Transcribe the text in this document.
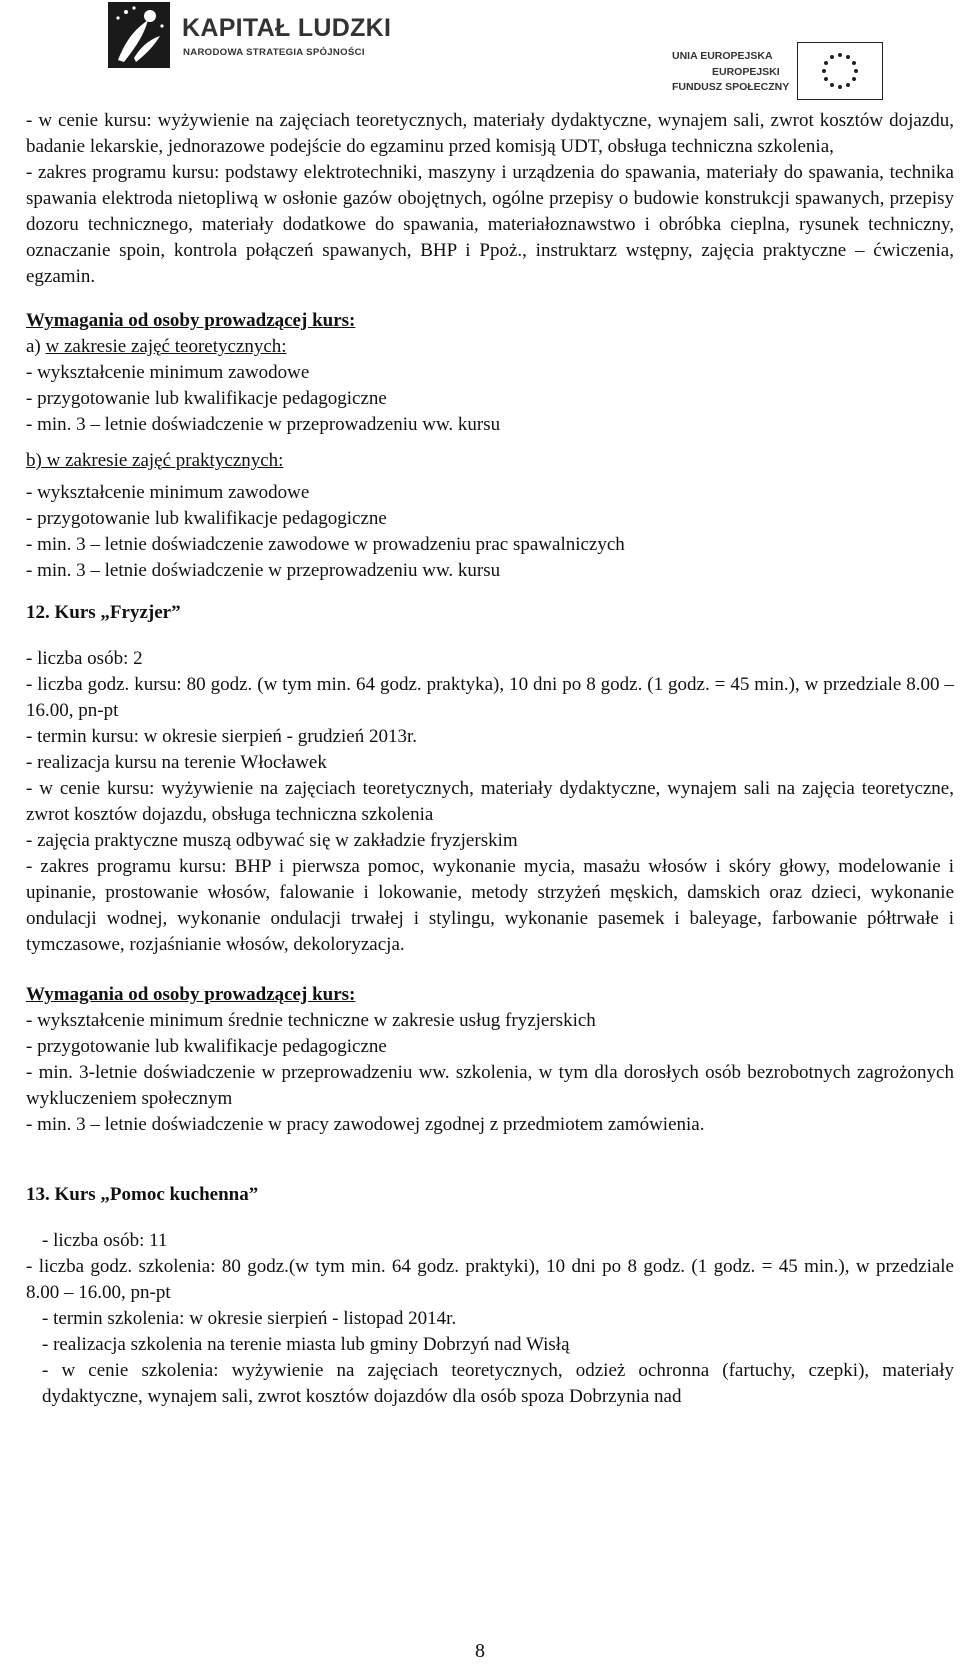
KAPITAŁ LUDZKI
NARODOWA STRATEGIA SPÓJNOŚCI	UNIA EUROPEJSKA
EUROPEJSKI
FUNDUSZ SPOŁECZNY

- w cenie kursu: wyżywienie na zajęciach teoretycznych, materiały dydaktyczne, wynajem sali, zwrot kosztów dojazdu, badanie lekarskie, jednorazowe podejście do egzaminu przed komisją UDT, obsługa techniczna szkolenia,

- zakres programu kursu: podstawy elektrotechniki, maszyny i urządzenia do spawania, materiały do spawania, technika spawania elektroda nietopliwą w osłonie gazów obojętnych, ogólne przepisy o budowie konstrukcji spawanych, przepisy dozoru technicznego, materiały dodatkowe do spawania, materiałoznawstwo i obróbka cieplna, rysunek techniczny, oznaczanie spoin, kontrola połączeń spawanych, BHP i Ppoż., instruktarz wstępny, zajęcia praktyczne – ćwiczenia, egzamin.

Wymagania od osoby prowadzącej kurs:

a) w zakresie zajęć teoretycznych:

- wykształcenie minimum zawodowe

- przygotowanie lub kwalifikacje pedagogiczne

- min. 3 – letnie doświadczenie w przeprowadzeniu ww. kursu

b) w zakresie zajęć praktycznych:

- wykształcenie minimum zawodowe

- przygotowanie lub kwalifikacje pedagogiczne

- min. 3 – letnie doświadczenie zawodowe w prowadzeniu prac spawalniczych

- min. 3 – letnie doświadczenie w przeprowadzeniu ww. kursu

12. Kurs „Fryzjer”

- liczba osób: 2

- liczba godz. kursu: 80 godz. (w tym min. 64 godz. praktyka), 10 dni po 8 godz. (1 godz. = 45 min.), w przedziale 8.00 – 16.00, pn-pt

- termin kursu: w okresie sierpień - grudzień 2013r.

- realizacja kursu na terenie Włocławek

- w cenie kursu: wyżywienie na zajęciach teoretycznych, materiały dydaktyczne, wynajem sali na zajęcia teoretyczne, zwrot kosztów dojazdu, obsługa techniczna szkolenia

- zajęcia praktyczne muszą odbywać się w zakładzie fryzjerskim

- zakres programu kursu: BHP i pierwsza pomoc, wykonanie mycia, masażu włosów i skóry głowy, modelowanie i upinanie, prostowanie włosów, falowanie i lokowanie, metody strzyżeń męskich, damskich oraz dzieci, wykonanie ondulacji wodnej, wykonanie ondulacji trwałej i stylingu, wykonanie pasemek i baleyage, farbowanie półtrwałe i tymczasowe, rozjaśnianie włosów, dekoloryzacja.

Wymagania od osoby prowadzącej kurs:

- wykształcenie minimum średnie techniczne w zakresie usług fryzjerskich

- przygotowanie lub kwalifikacje pedagogiczne

- min. 3-letnie doświadczenie w przeprowadzeniu ww. szkolenia, w tym dla dorosłych osób bezrobotnych zagrożonych wykluczeniem społecznym

- min. 3 – letnie doświadczenie w pracy zawodowej zgodnej z przedmiotem zamówienia.

13. Kurs „Pomoc kuchenna”

- liczba osób: 11

- liczba godz. szkolenia: 80 godz.(w tym min. 64 godz. praktyki), 10 dni po 8 godz. (1 godz. = 45 min.), w przedziale 8.00 – 16.00, pn-pt

- termin szkolenia: w okresie sierpień - listopad 2014r.

- realizacja szkolenia na terenie miasta lub gminy Dobrzyń nad Wisłą

- w cenie szkolenia: wyżywienie na zajęciach teoretycznych, odzież ochronna (fartuchy, czepki), materiały dydaktyczne, wynajem sali, zwrot kosztów dojazdów dla osób spoza Dobrzynia nad

8
